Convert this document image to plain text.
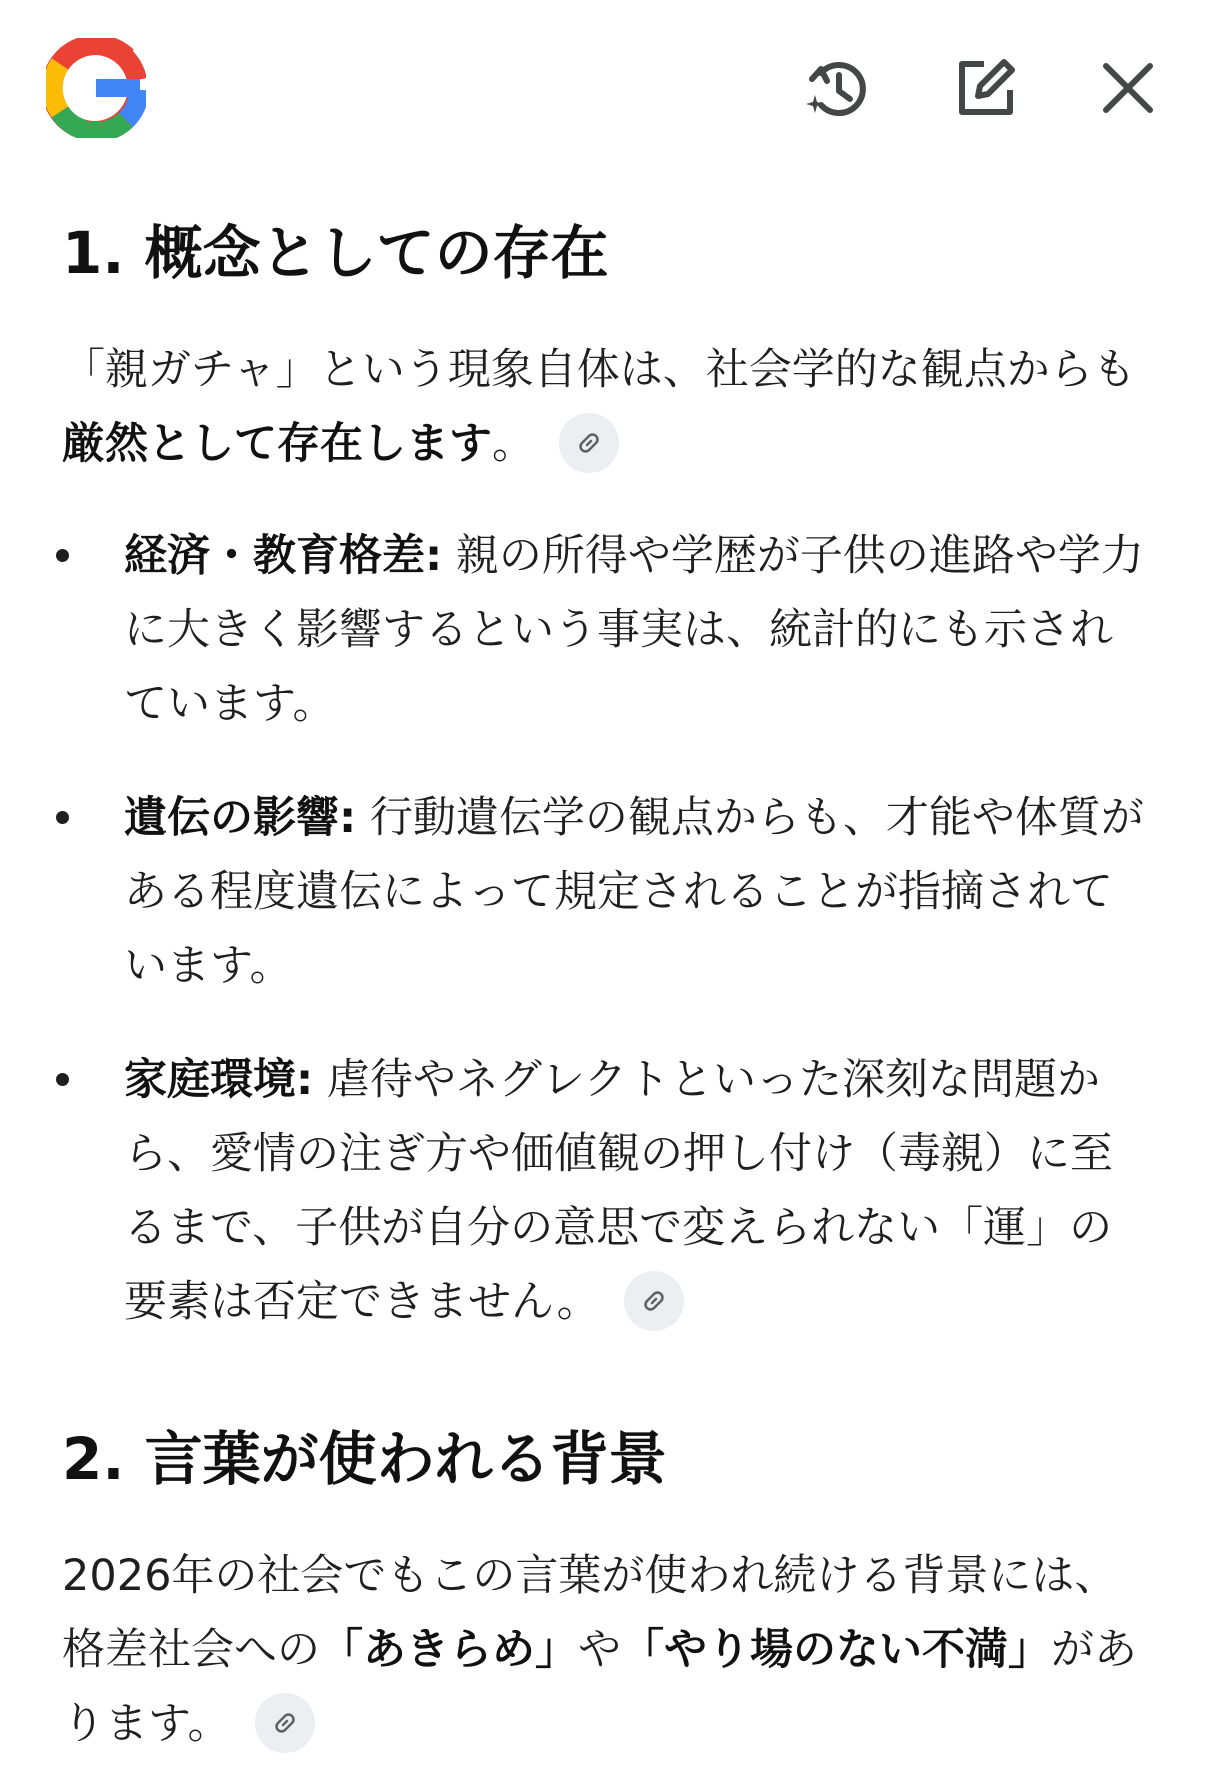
1. 概念としての存在

「親ガチャ」という現象自体は、社会学的な観点からも厳然として存在します。

経済・教育格差: 親の所得や学歴が子供の進路や学力に大きく影響するという事実は、統計的にも示されています。
遺伝の影響: 行動遺伝学の観点からも、才能や体質がある程度遺伝によって規定されることが指摘されています。
家庭環境: 虐待やネグレクトといった深刻な問題から、愛情の注ぎ方や価値観の押し付け（毒親）に至るまで、子供が自分の意思で変えられない「運」の要素は否定できません。
2. 言葉が使われる背景

2026年の社会でもこの言葉が使われ続ける背景には、格差社会への「あきらめ」や「やり場のない不満」があります。
